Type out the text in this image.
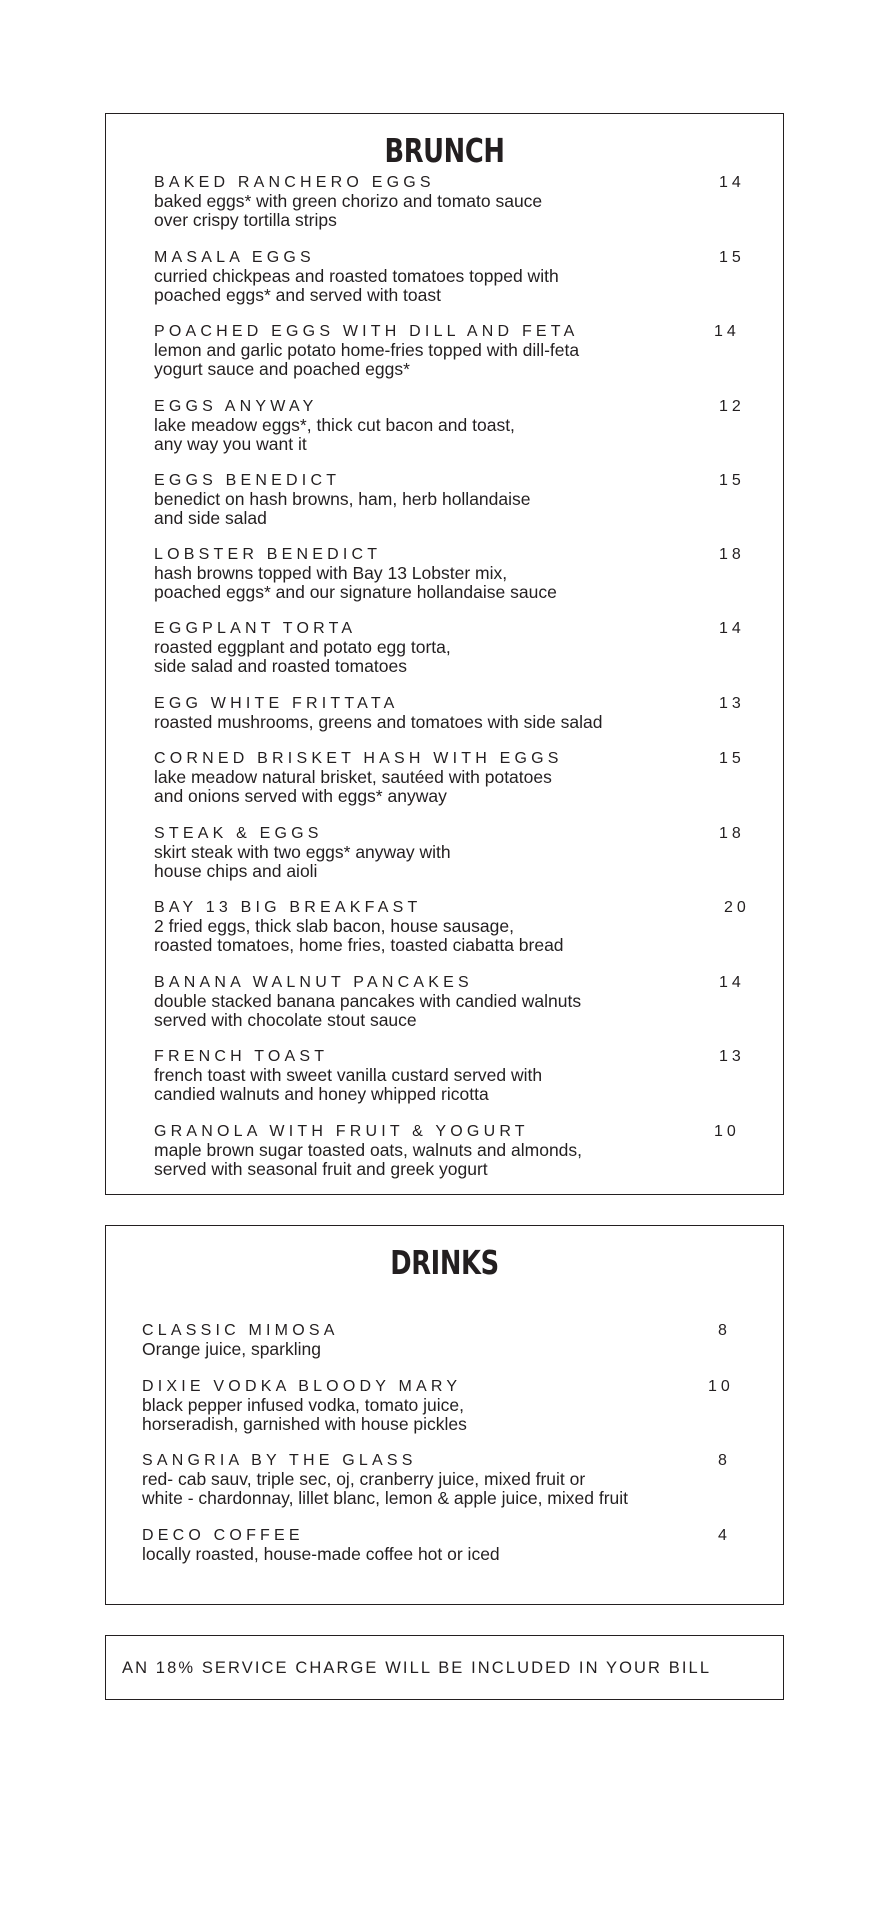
BRUNCH
BAKED RANCHERO EGGS
baked eggs* with green chorizo and tomato sauce
over crispy tortilla strips
14
MASALA EGGS
curried chickpeas and roasted tomatoes topped with
poached eggs* and served with toast
15
POACHED EGGS WITH DILL AND FETA
lemon and garlic potato home-fries topped with dill-feta
yogurt sauce and poached eggs*
14
EGGS ANYWAY
lake meadow eggs*, thick cut bacon and toast,
any way you want it
12
EGGS BENEDICT
benedict on hash browns, ham, herb hollandaise
and side salad
15
LOBSTER BENEDICT
hash browns topped with Bay 13 Lobster mix,
poached eggs* and our signature hollandaise sauce
18
EGGPLANT TORTA
roasted eggplant and potato egg torta,
side salad and roasted tomatoes
14
EGG WHITE FRITTATA
roasted mushrooms, greens and tomatoes with side salad
13
CORNED BRISKET HASH WITH EGGS
lake meadow natural brisket, sautéed with potatoes
and onions served with eggs* anyway
15
STEAK & EGGS
skirt steak with two eggs* anyway with
house chips and aioli
18
BAY 13 BIG BREAKFAST
2 fried eggs, thick slab bacon, house sausage,
roasted tomatoes, home fries, toasted ciabatta bread
20
BANANA WALNUT PANCAKES
double stacked banana pancakes with candied walnuts
served with chocolate stout sauce
14
FRENCH TOAST
french toast with sweet vanilla custard served with
candied walnuts and honey whipped ricotta
13
GRANOLA WITH FRUIT & YOGURT
maple brown sugar toasted oats, walnuts and almonds,
served with seasonal fruit and greek yogurt
10
DRINKS
CLASSIC MIMOSA
Orange juice, sparkling
8
DIXIE VODKA BLOODY MARY
black pepper infused vodka, tomato juice,
horseradish, garnished with house pickles
10
SANGRIA BY THE GLASS
red- cab sauv, triple sec, oj, cranberry juice, mixed fruit or
white - chardonnay, lillet blanc, lemon & apple juice, mixed fruit
8
DECO COFFEE
locally roasted, house-made coffee hot or iced
4
AN 18% SERVICE CHARGE WILL BE INCLUDED IN YOUR BILL
